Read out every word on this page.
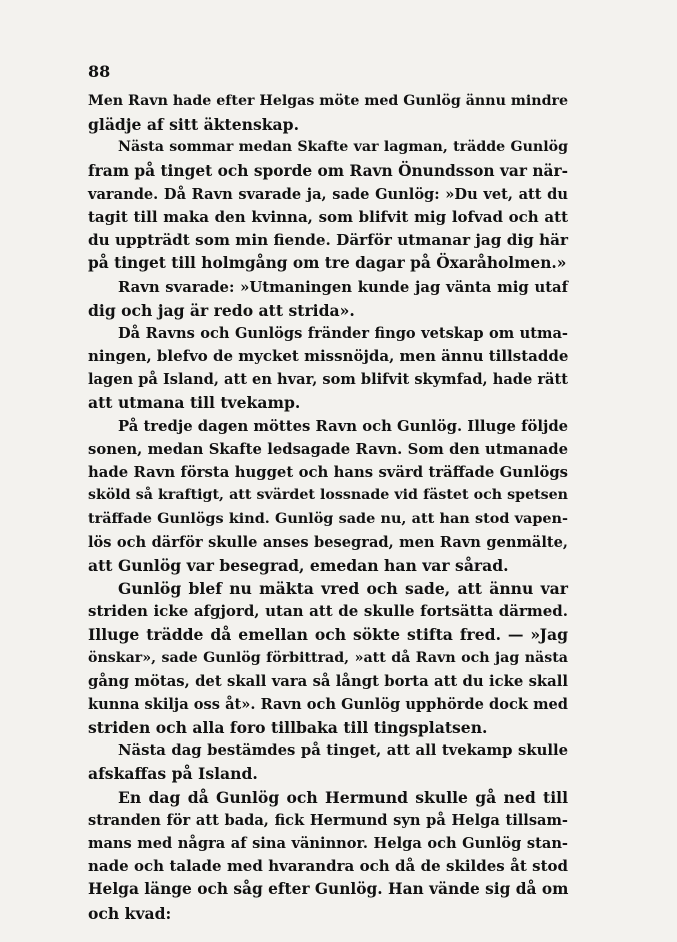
88
Men Ravn hade efter Helgas möte med Gunlög ännu mindre
glädje af sitt äktenskap.
Nästa sommar medan Skafte var lagman, trädde Gunlög
fram på tinget och sporde om Ravn Önundsson var när-
varande. Då Ravn svarade ja, sade Gunlög: »Du vet, att du
tagit till maka den kvinna, som blifvit mig lofvad och att
du uppträdt som min fiende. Därför utmanar jag dig här
på tinget till holmgång om tre dagar på Öxaråholmen.»
Ravn svarade: »Utmaningen kunde jag vänta mig utaf
dig och jag är redo att strida».
Då Ravns och Gunlögs fränder fingo vetskap om utma-
ningen, blefvo de mycket missnöjda, men ännu tillstadde
lagen på Island, att en hvar, som blifvit skymfad, hade rätt
att utmana till tvekamp.
På tredje dagen möttes Ravn och Gunlög. Illuge följde
sonen, medan Skafte ledsagade Ravn. Som den utmanade
hade Ravn första hugget och hans svärd träffade Gunlögs
sköld så kraftigt, att svärdet lossnade vid fästet och spetsen
träffade Gunlögs kind. Gunlög sade nu, att han stod vapen-
lös och därför skulle anses besegrad, men Ravn genmälte,
att Gunlög var besegrad, emedan han var sårad.
Gunlög blef nu mäkta vred och sade, att ännu var
striden icke afgjord, utan att de skulle fortsätta därmed.
Illuge trädde då emellan och sökte stifta fred. — »Jag
önskar», sade Gunlög förbittrad, »att då Ravn och jag nästa
gång mötas, det skall vara så långt borta att du icke skall
kunna skilja oss åt». Ravn och Gunlög upphörde dock med
striden och alla foro tillbaka till tingsplatsen.
Nästa dag bestämdes på tinget, att all tvekamp skulle
afskaffas på Island.
En dag då Gunlög och Hermund skulle gå ned till
stranden för att bada, fick Hermund syn på Helga tillsam-
mans med några af sina väninnor. Helga och Gunlög stan-
nade och talade med hvarandra och då de skildes åt stod
Helga länge och såg efter Gunlög. Han vände sig då om
och kvad:
